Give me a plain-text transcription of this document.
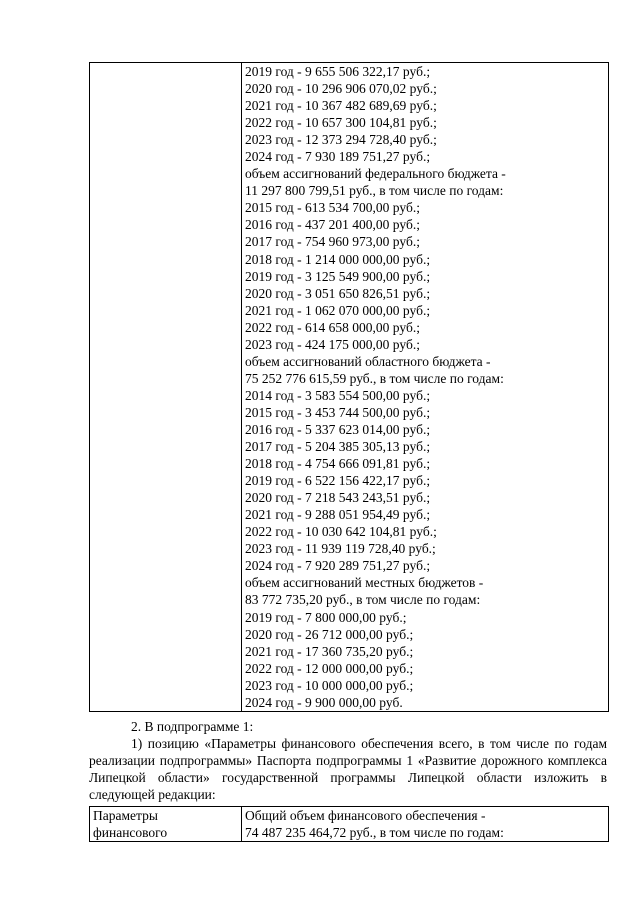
2019 год - 9 655 506 322,17 руб.;
2020 год - 10 296 906 070,02 руб.;
2021 год - 10 367 482 689,69 руб.;
2022 год - 10 657 300 104,81 руб.;
2023 год - 12 373 294 728,40 руб.;
2024 год - 7 930 189 751,27 руб.;
объем ассигнований федерального бюджета -
11 297 800 799,51 руб., в том числе по годам:
2015 год - 613 534 700,00 руб.;
2016 год - 437 201 400,00 руб.;
2017 год - 754 960 973,00 руб.;
2018 год - 1 214 000 000,00 руб.;
2019 год - 3 125 549 900,00 руб.;
2020 год - 3 051 650 826,51 руб.;
2021 год - 1 062 070 000,00 руб.;
2022 год - 614 658 000,00 руб.;
2023 год - 424 175 000,00 руб.;
объем ассигнований областного бюджета -
75 252 776 615,59 руб., в том числе по годам:
2014 год - 3 583 554 500,00 руб.;
2015 год - 3 453 744 500,00 руб.;
2016 год - 5 337 623 014,00 руб.;
2017 год - 5 204 385 305,13 руб.;
2018 год - 4 754 666 091,81 руб.;
2019 год - 6 522 156 422,17 руб.;
2020 год - 7 218 543 243,51 руб.;
2021 год - 9 288 051 954,49 руб.;
2022 год - 10 030 642 104,81 руб.;
2023 год - 11 939 119 728,40 руб.;
2024 год - 7 920 289 751,27 руб.;
объем ассигнований местных бюджетов -
83 772 735,20 руб., в том числе по годам:
2019 год - 7 800 000,00 руб.;
2020 год - 26 712 000,00 руб.;
2021 год - 17 360 735,20 руб.;
2022 год - 12 000 000,00 руб.;
2023 год - 10 000 000,00 руб.;
2024 год - 9 900 000,00 руб.
2. В подпрограмме 1:
1) позицию «Параметры финансового обеспечения всего, в том числе по годам реализации подпрограммы» Паспорта подпрограммы 1 «Развитие дорожного комплекса Липецкой области» государственной программы Липецкой области изложить в следующей редакции:
Параметры
финансового

Общий объем финансового обеспечения -
74 487 235 464,72 руб., в том числе по годам:
